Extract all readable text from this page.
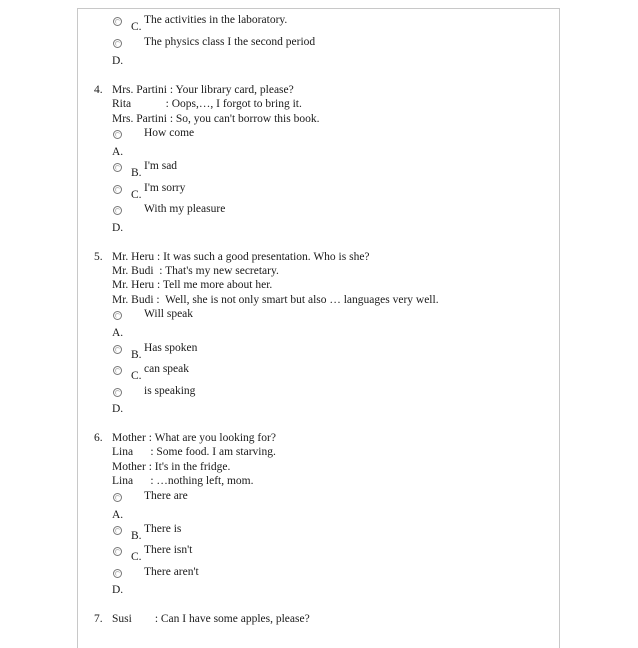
C.
The activities in the laboratory.
The physics class I the second period
D.
4. Mrs. Partini : Your library card, please?
Rita            : Oops,…, I forgot to bring it.
Mrs. Partini : So, you can't borrow this book.
How come
A.
B.
I'm sad
C.
I'm sorry
With my pleasure
D.
5. Mr. Heru : It was such a good presentation. Who is she?
Mr. Budi  : That's my new secretary.
Mr. Heru : Tell me more about her.
Mr. Budi :  Well, she is not only smart but also … languages very well.
Will speak
A.
B.
Has spoken
C.
can speak
is speaking
D.
6. Mother : What are you looking for?
Lina      : Some food. I am starving.
Mother : It's in the fridge.
Lina      : …nothing left, mom.
There are
A.
B.
There is
C.
There isn't
There aren't
D.
7. Susi        : Can I have some apples, please?
